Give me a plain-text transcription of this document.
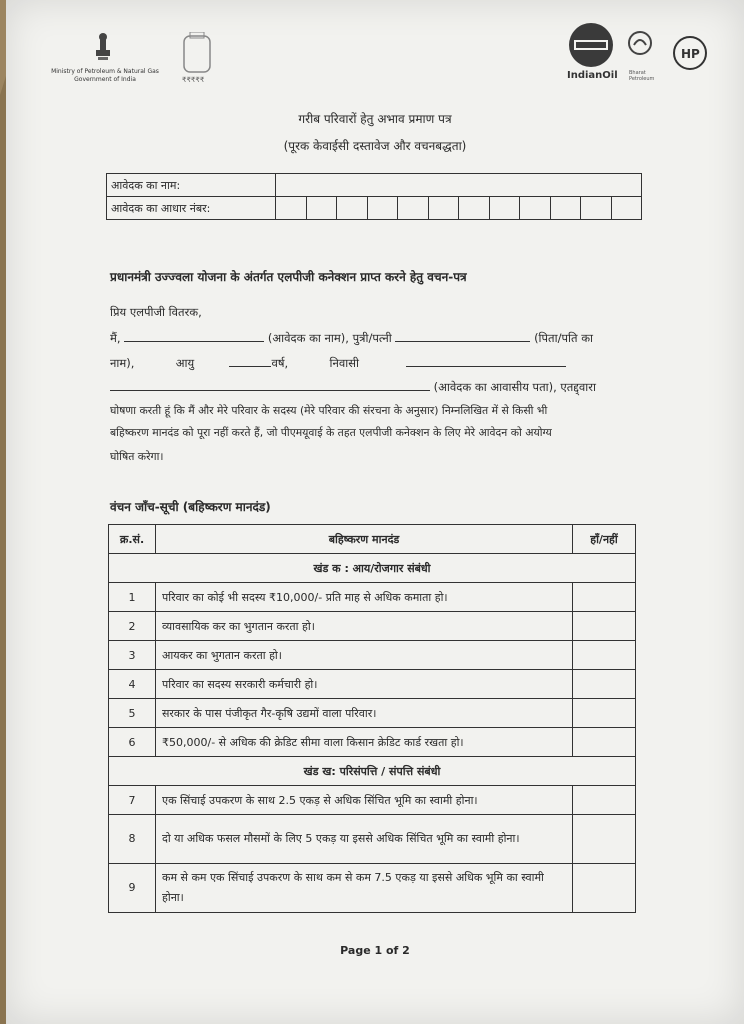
Ministry of Petroleum & Natural Gas
Government of India	₹₹₹₹₹	IndianOil Bharat Petroleum
HP
गरीब परिवारों हेतु अभाव प्रमाण पत्र
(पूरक केवाईसी दस्तावेज और वचनबद्धता)
आवेदक का नाम:	
आवेदक का आधार नंबर:	
प्रधानमंत्री उज्ज्वला योजना के अंतर्गत एलपीजी कनेक्शन प्राप्त करने हेतु वचन-पत्र
प्रिय एलपीजी वितरक,
मैं,	(आवेदक का नाम), पुत्री/पत्नी	(पिता/पति का
नाम),	आयु	वर्ष,	निवासी
(आवेदक का आवासीय पता), एतद्द्वारा
घोषणा करती हूं कि मैं और मेरे परिवार के सदस्य (मेरे परिवार की संरचना के अनुसार) निम्नलिखित में से किसी भी
बहिष्करण मानदंड को पूरा नहीं करते हैं, जो पीएमयूवाई के तहत एलपीजी कनेक्शन के लिए मेरे आवेदन को अयोग्य
घोषित करेगा।
वंचन जाँच-सूची (बहिष्करण मानदंड)
क्र.सं.	बहिष्करण मानदंड	हाँ/नहीं
खंड क : आय/रोजगार संबंधी		
1	परिवार का कोई भी सदस्य ₹10,000/- प्रति माह से अधिक कमाता हो।	
2	व्यावसायिक कर का भुगतान करता हो।	
3	आयकर का भुगतान करता हो।	
4	परिवार का सदस्य सरकारी कर्मचारी हो।	
5	सरकार के पास पंजीकृत गैर-कृषि उद्यमों वाला परिवार।	
6	₹50,000/- से अधिक की क्रेडिट सीमा वाला किसान क्रेडिट कार्ड रखता हो।	
खंड ख: परिसंपत्ति / संपत्ति संबंधी		
7	एक सिंचाई उपकरण के साथ 2.5 एकड़ से अधिक सिंचित भूमि का स्वामी होना।	
8	दो या अधिक फसल मौसमों के लिए 5 एकड़ या इससे अधिक सिंचित भूमि का स्वामी होना।	
9	कम से कम एक सिंचाई उपकरण के साथ कम से कम 7.5 एकड़ या इससे अधिक भूमि का स्वामी होना।	
Page 1 of 2
